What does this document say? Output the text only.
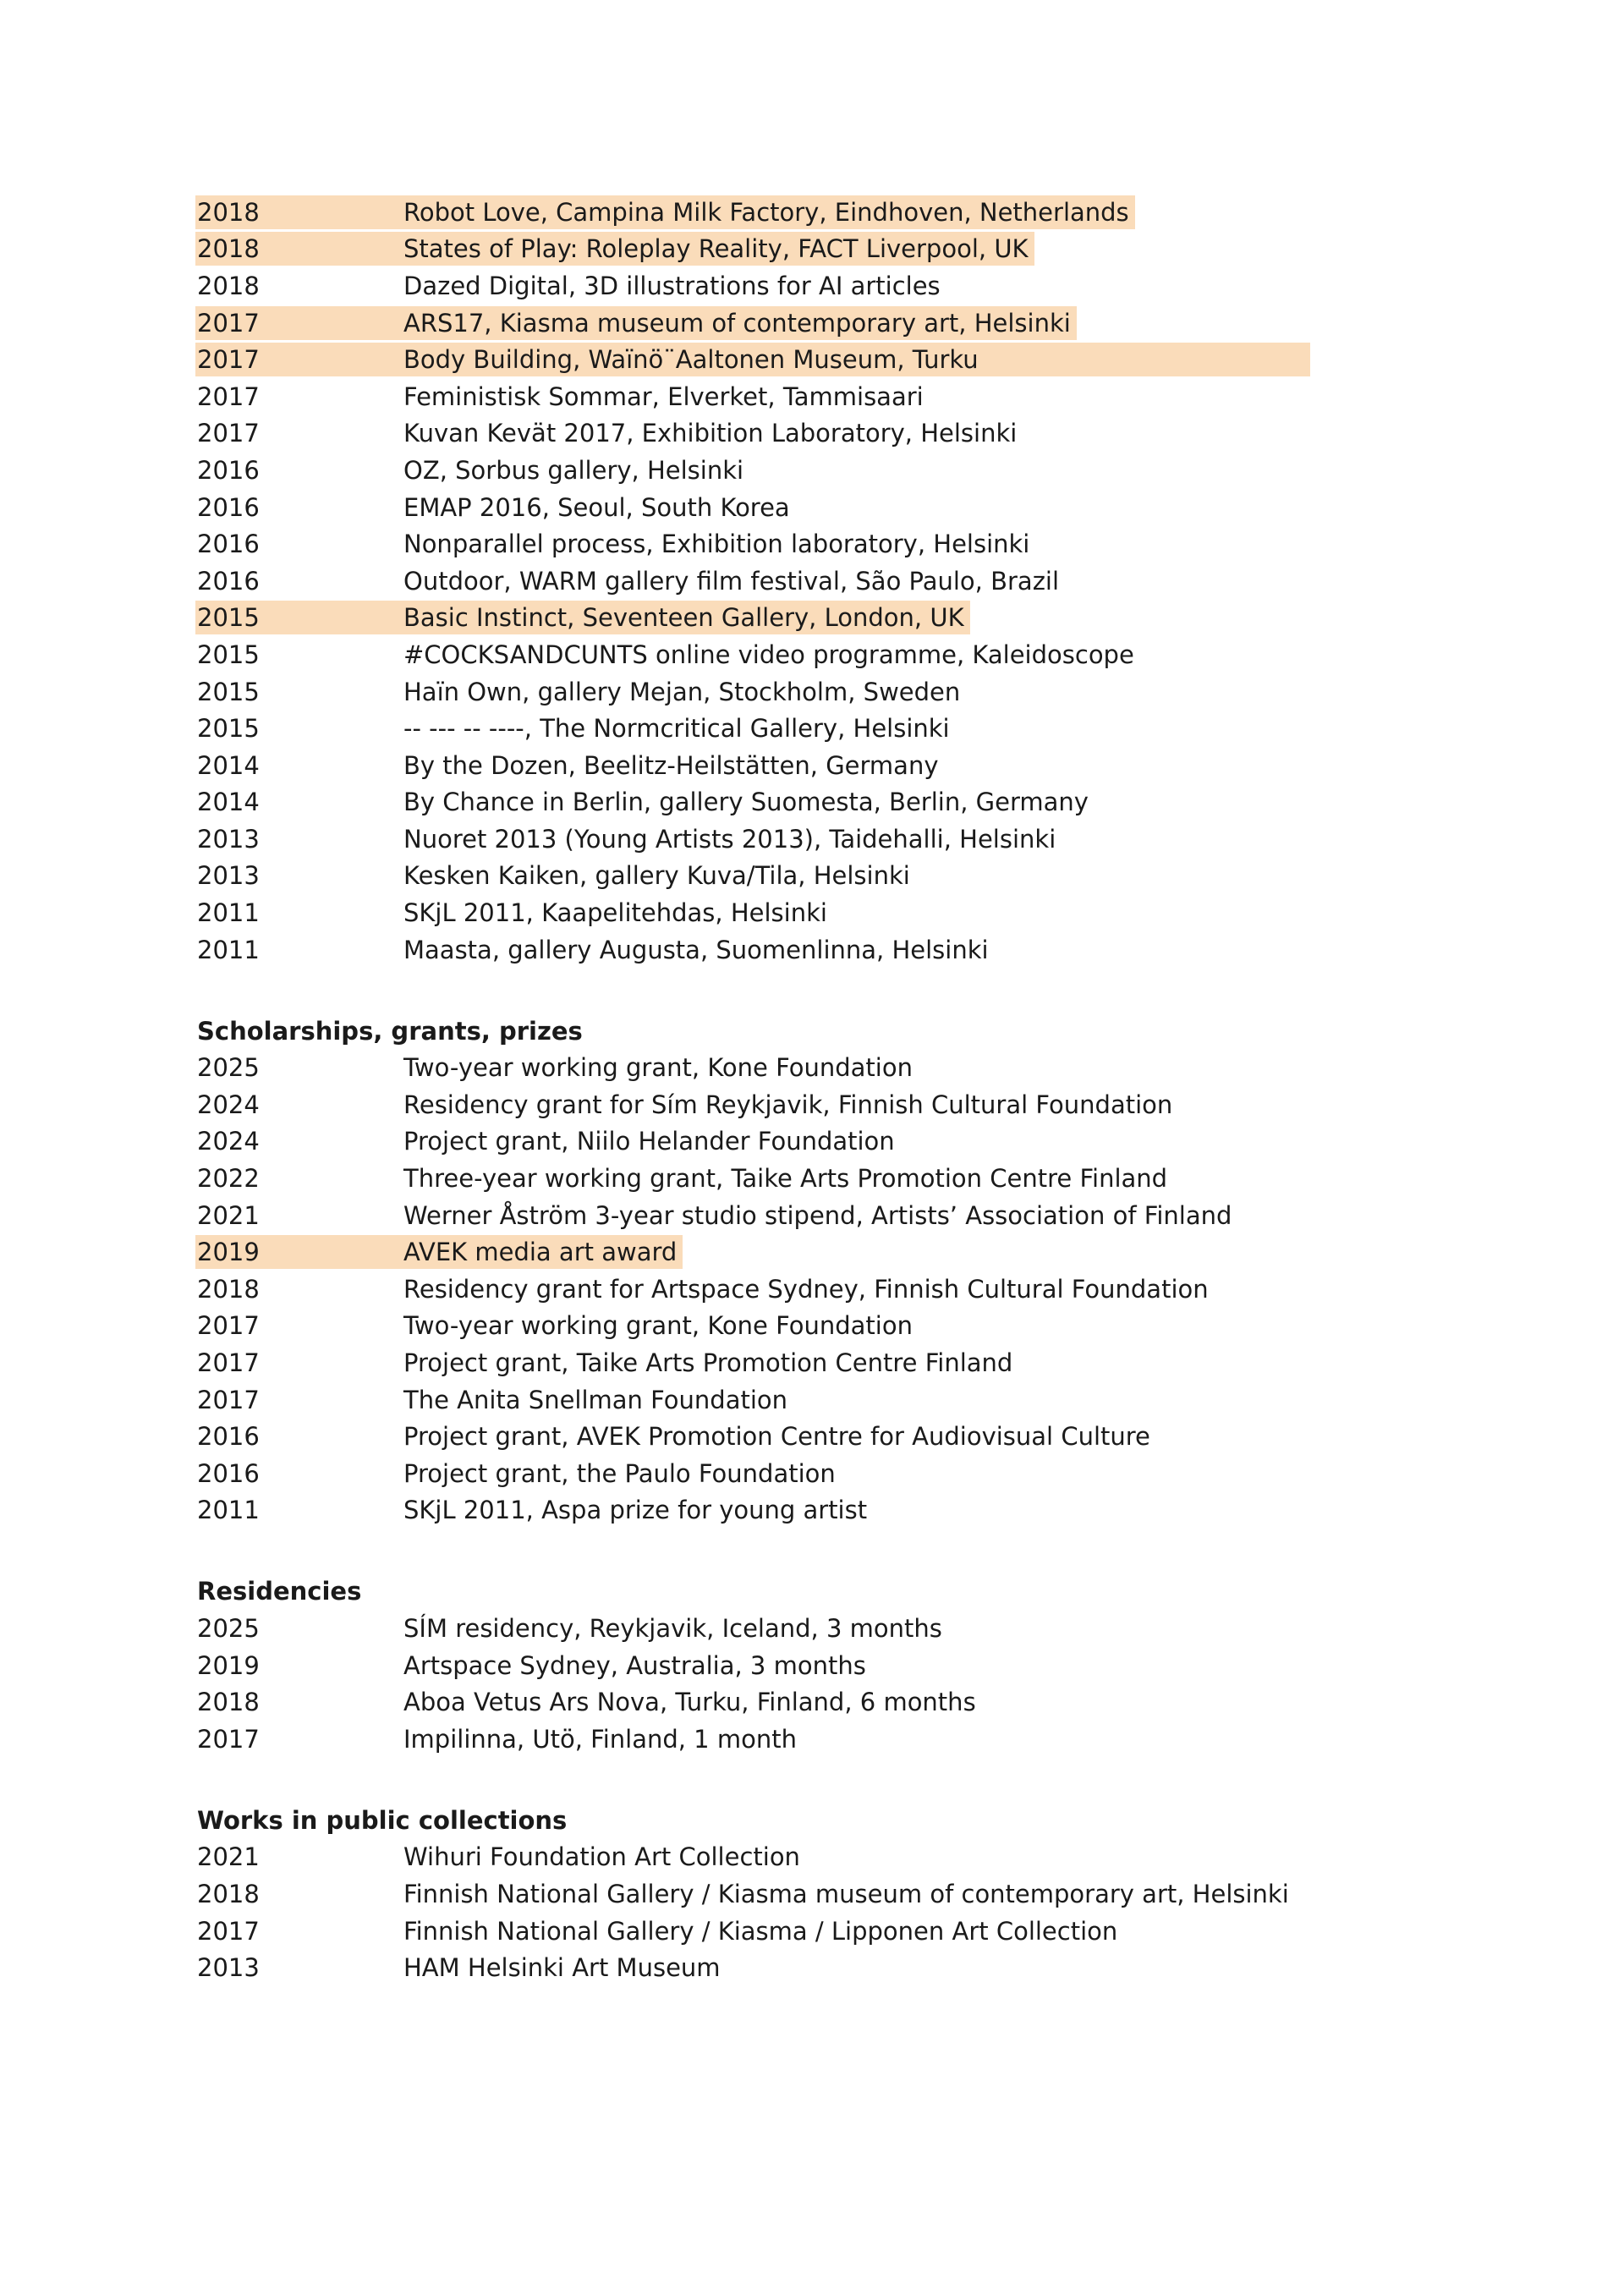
2018	Robot Love, Campina Milk Factory, Eindhoven, Netherlands
2018	States of Play: Roleplay Reality, FACT Liverpool, UK
2018	Dazed Digital, 3D illustrations for AI articles
2017	ARS17, Kiasma museum of contemporary art, Helsinki
2017	Body Building, Waïnö¨Aaltonen Museum, Turku
2017	Feministisk Sommar, Elverket, Tammisaari
2017	Kuvan Kevät 2017, Exhibition Laboratory, Helsinki
2016	OZ, Sorbus gallery, Helsinki
2016	EMAP 2016, Seoul, South Korea
2016	Nonparallel process, Exhibition laboratory, Helsinki
2016	Outdoor, WARM gallery film festival, São Paulo, Brazil
2015	Basic Instinct, Seventeen Gallery, London, UK
2015	#COCKSANDCUNTS online video programme, Kaleidoscope
2015	Haïn Own, gallery Mejan, Stockholm, Sweden
2015	-- --- -- ----, The Normcritical Gallery, Helsinki
2014	By the Dozen, Beelitz-Heilstätten, Germany
2014	By Chance in Berlin, gallery Suomesta, Berlin, Germany
2013	Nuoret 2013 (Young Artists 2013), Taidehalli, Helsinki
2013	Kesken Kaiken, gallery Kuva/Tila, Helsinki
2011	SKjL 2011, Kaapelitehdas, Helsinki
2011	Maasta, gallery Augusta, Suomenlinna, Helsinki
Scholarships, grants, prizes
2025	Two-year working grant, Kone Foundation
2024	Residency grant for Sím Reykjavik, Finnish Cultural Foundation
2024	Project grant, Niilo Helander Foundation
2022	Three-year working grant, Taike Arts Promotion Centre Finland
2021	Werner Åström 3-year studio stipend, Artists’ Association of Finland
2019	AVEK media art award
2018	Residency grant for Artspace Sydney, Finnish Cultural Foundation
2017	Two-year working grant, Kone Foundation
2017	Project grant, Taike Arts Promotion Centre Finland
2017	The Anita Snellman Foundation
2016	Project grant, AVEK Promotion Centre for Audiovisual Culture
2016	Project grant, the Paulo Foundation
2011	SKjL 2011, Aspa prize for young artist
Residencies
2025	SÍM residency, Reykjavik, Iceland, 3 months
2019	Artspace Sydney, Australia, 3 months
2018	Aboa Vetus Ars Nova, Turku, Finland, 6 months
2017	Impilinna, Utö, Finland, 1 month
Works in public collections
2021	Wihuri Foundation Art Collection
2018	Finnish National Gallery / Kiasma museum of contemporary art, Helsinki
2017	Finnish National Gallery / Kiasma / Lipponen Art Collection
2013	HAM Helsinki Art Museum
